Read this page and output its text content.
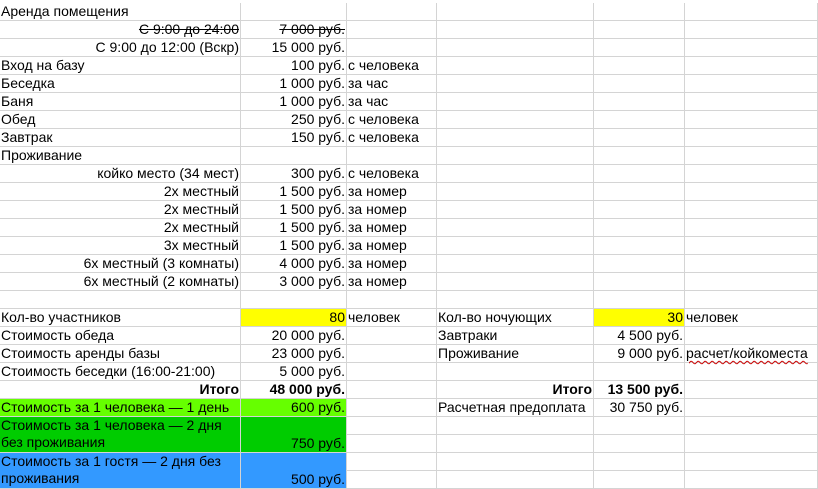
Аренда помещения
С 9:00 до 24:00	7 000 руб.
С 9:00 до 12:00 (Вскр)	15 000 руб.
Вход на базу	100 руб. с человека
Беседка	1 000 руб. за час
Баня	1 000 руб. за час
Обед	250 руб. с человека
Завтрак	150 руб. с человека
Проживание
койко место (34 мест)	300 руб. с человека
2х местный	1 500 руб. за номер
2х местный	1 500 руб. за номер
2х местный	1 500 руб. за номер
3х местный	1 500 руб. за номер
6х местный (3 комнаты)	4 000 руб. за номер
6х местный (2 комнаты)	3 000 руб. за номер
Кол-во участников	80 человек
Стоимость обеда	20 000 руб.
Стоимость аренды базы	23 000 руб.
Стоимость беседки (16:00-21:00)	5 000 руб.
Итого	48 000 руб.
Стоимость за 1 человека — 1 день	600 руб.
Стоимость за 1 человека — 2 дня
без проживания	750 руб.
Стоимость за 1 гостя — 2 дня без
проживания	500 руб.
Кол-во ночующих	30 человек
Завтраки	4 500 руб.
Проживание	9 000 руб. расчет/койкоместа
Итого	13 500 руб.
Расчетная предоплата	30 750 руб.
